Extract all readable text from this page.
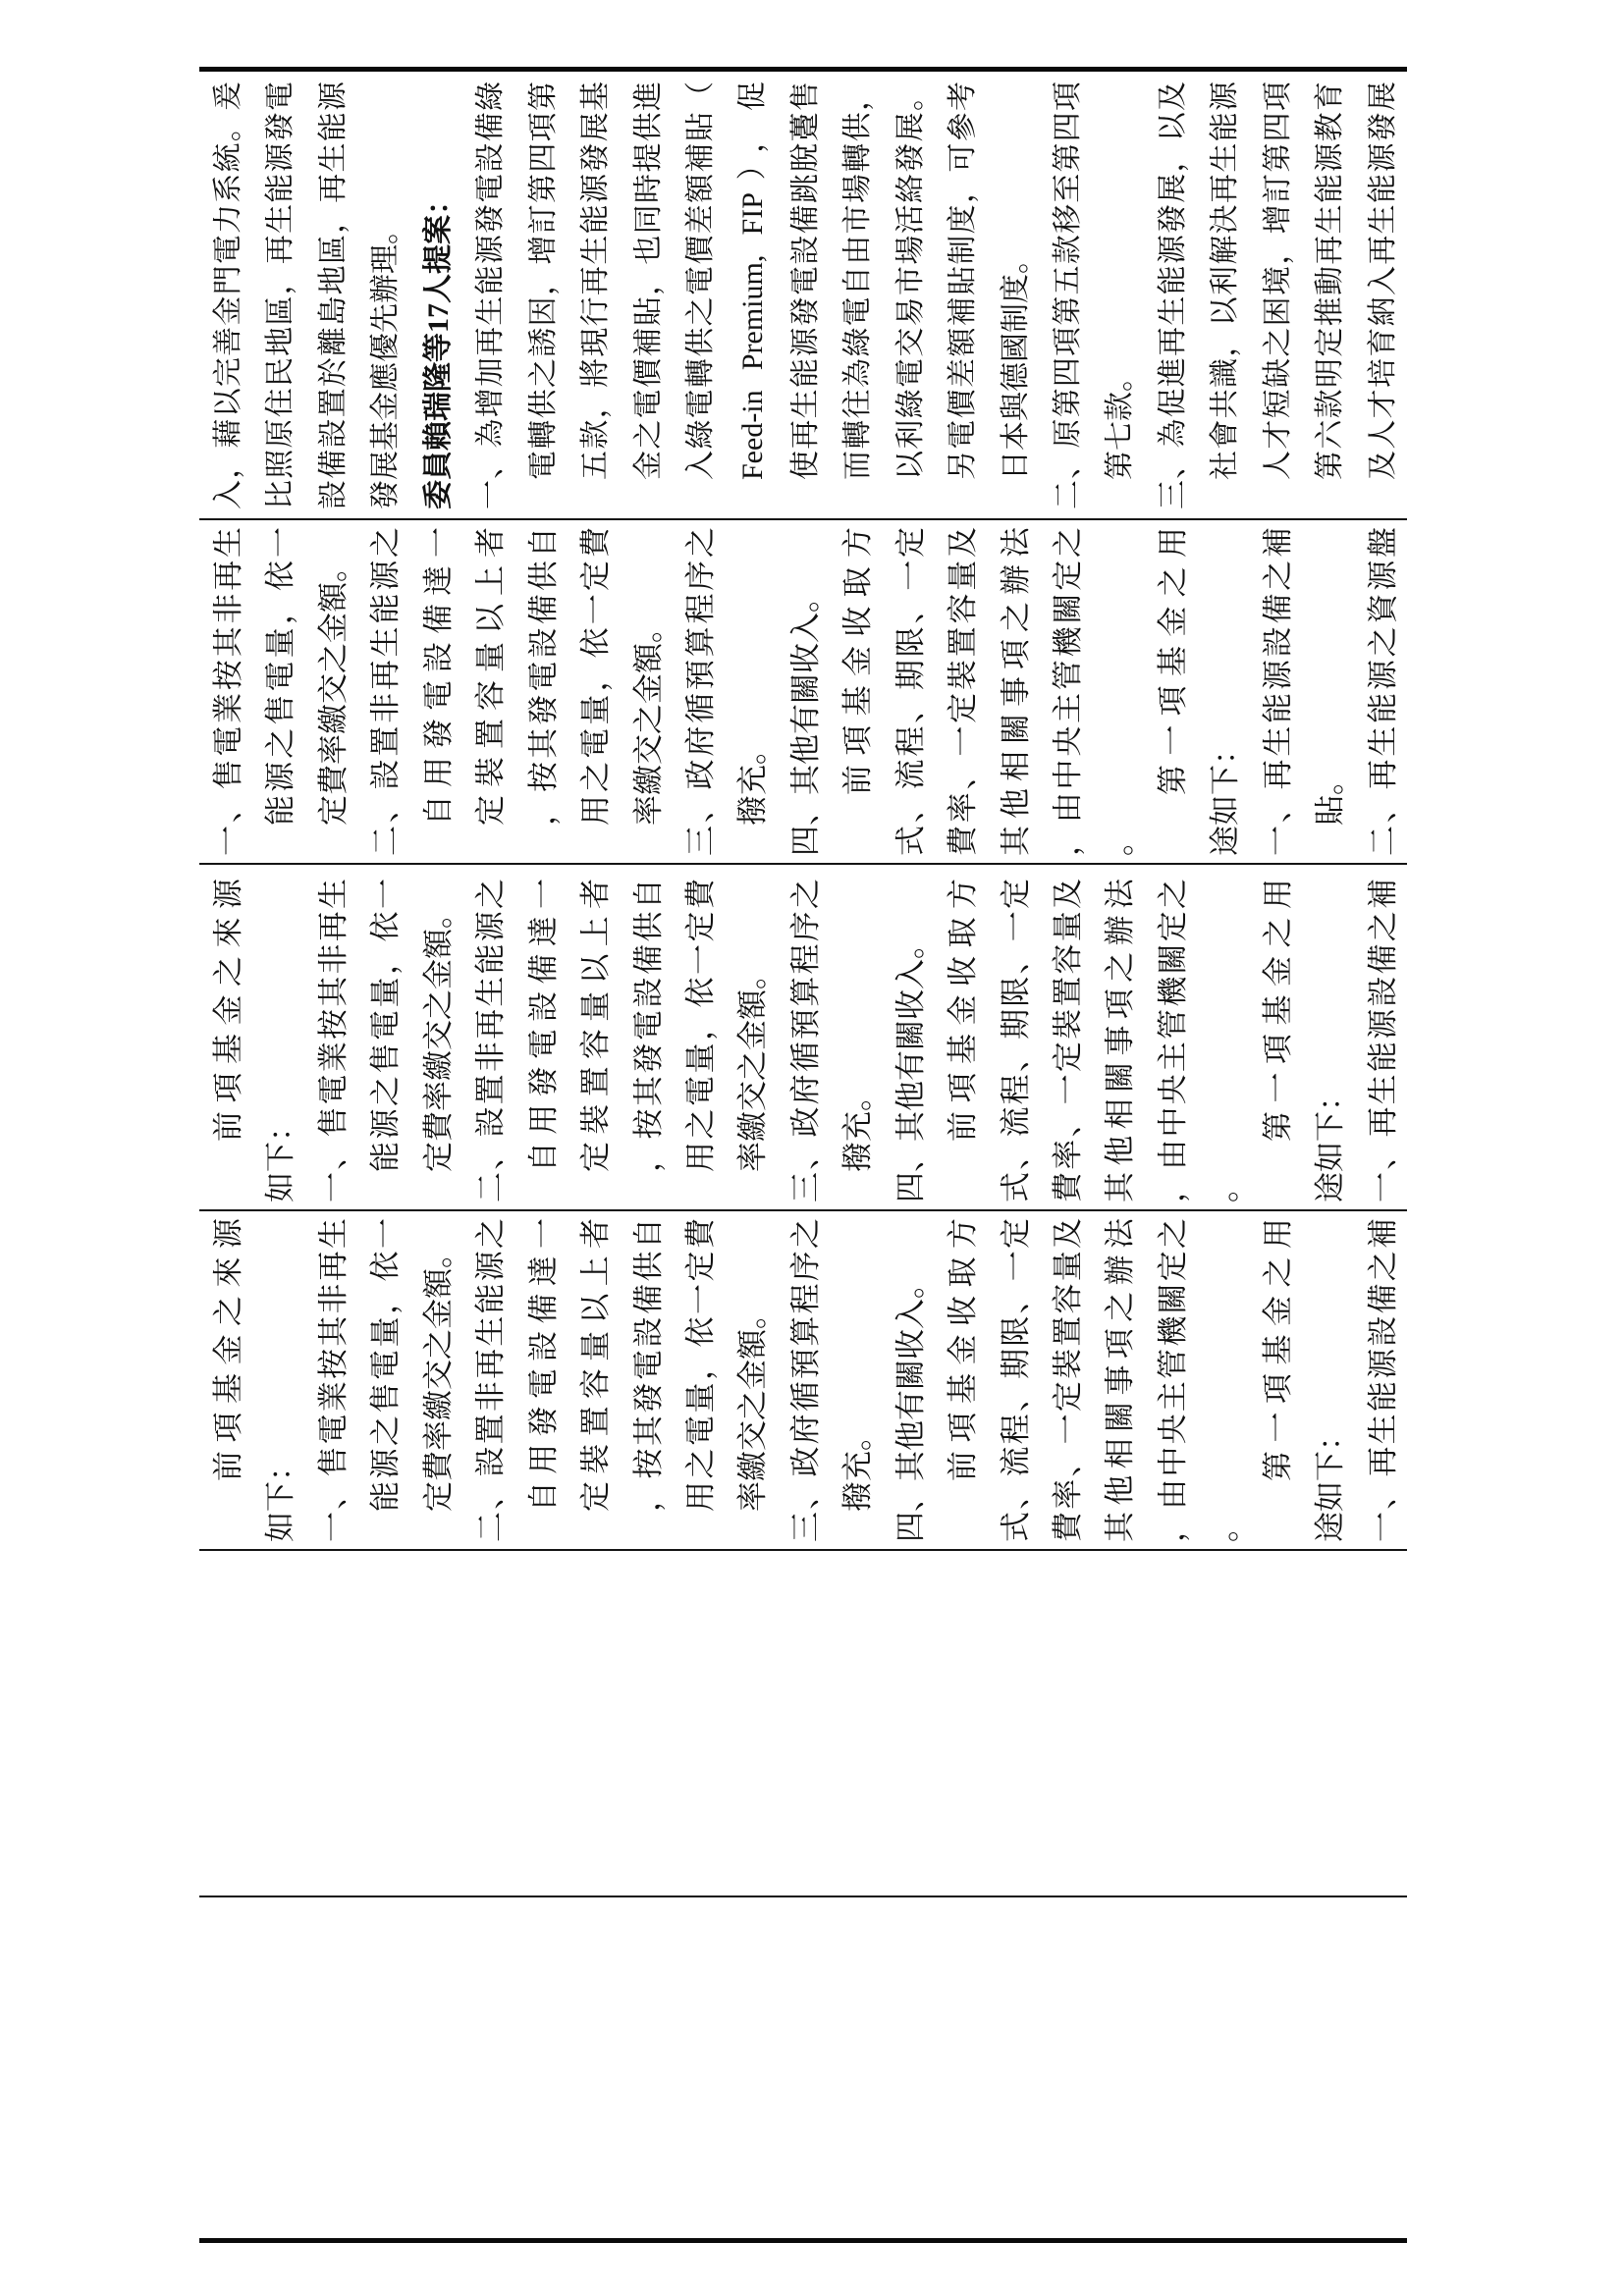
前項基金之來源
如下： 一、售電業按其非再生 能源之售電量，依一 定費率繳交之金額。 二、設置非再生能源之 自用發電設備達一 定裝置容量以上者 ，按其發電設備供自 用之電量，依一定費 率繳交之金額。 三、政府循預算程序之 撥充。 四、其他有關收入。 前項基金收取方 式、流程、期限、一定 費率、一定裝置容量及 其他相關事項之辦法 ，由中央主管機關定之 。
第一項基金之用 途如下： 一、再生能源設備之補
前項基金之來源
如下： 一、售電業按其非再生 能源之售電量，依一 定費率繳交之金額。 二、設置非再生能源之 自用發電設備達一 定裝置容量以上者 ，按其發電設備供自 用之電量，依一定費 率繳交之金額。 三、政府循預算程序之 撥充。 四、其他有關收入。 前項基金收取方 式、流程、期限、一定 費率、一定裝置容量及 其他相關事項之辦法 ，由中央主管機關定之 。
第一項基金之用 途如下： 一、再生能源設備之補
一、售電業按其非再生 能源之售電量，依一 定費率繳交之金額。 二、設置非再生能源之 自用發電設備達一 定裝置容量以上者 ，按其發電設備供自 用之電量，依一定費 率繳交之金額。 三、政府循預算程序之 撥充。 四、其他有關收入。 前項基金收取方 式、流程、期限、一定 費率、一定裝置容量及 其他相關事項之辦法 ，由中央主管機關定之 。
第一項基金之用 途如下： 一、再生能源設備之補 貼。 二、再生能源之資源盤
入，藉以完善金門電力系統。爰 比照原住民地區，再生能源發電 設備設置於離島地區，再生能源 發展基金應優先辦理。 委員賴瑞隆等17人提案： 一、為增加再生能源發電設備綠 電轉供之誘因，增訂第四項第 五款，將現行再生能源發展基 金之電價補貼，也同時提供進 入綠電轉供之電價差額補貼（ Feed-in Premium, FIP），促 使再生能源發電設備跳脫躉售 而轉往為綠電自由市場轉供， 以利綠電交易市場活絡發展。 另電價差額補貼制度，可參考 日本與德國制度。 二、原第四項第五款移至第四項 第七款。 三、為促進再生能源發展，以及 社會共識，以利解決再生能源 人才短缺之困境，增訂第四項 第六款明定推動再生能源教育 及人才培育納入再生能源發展
